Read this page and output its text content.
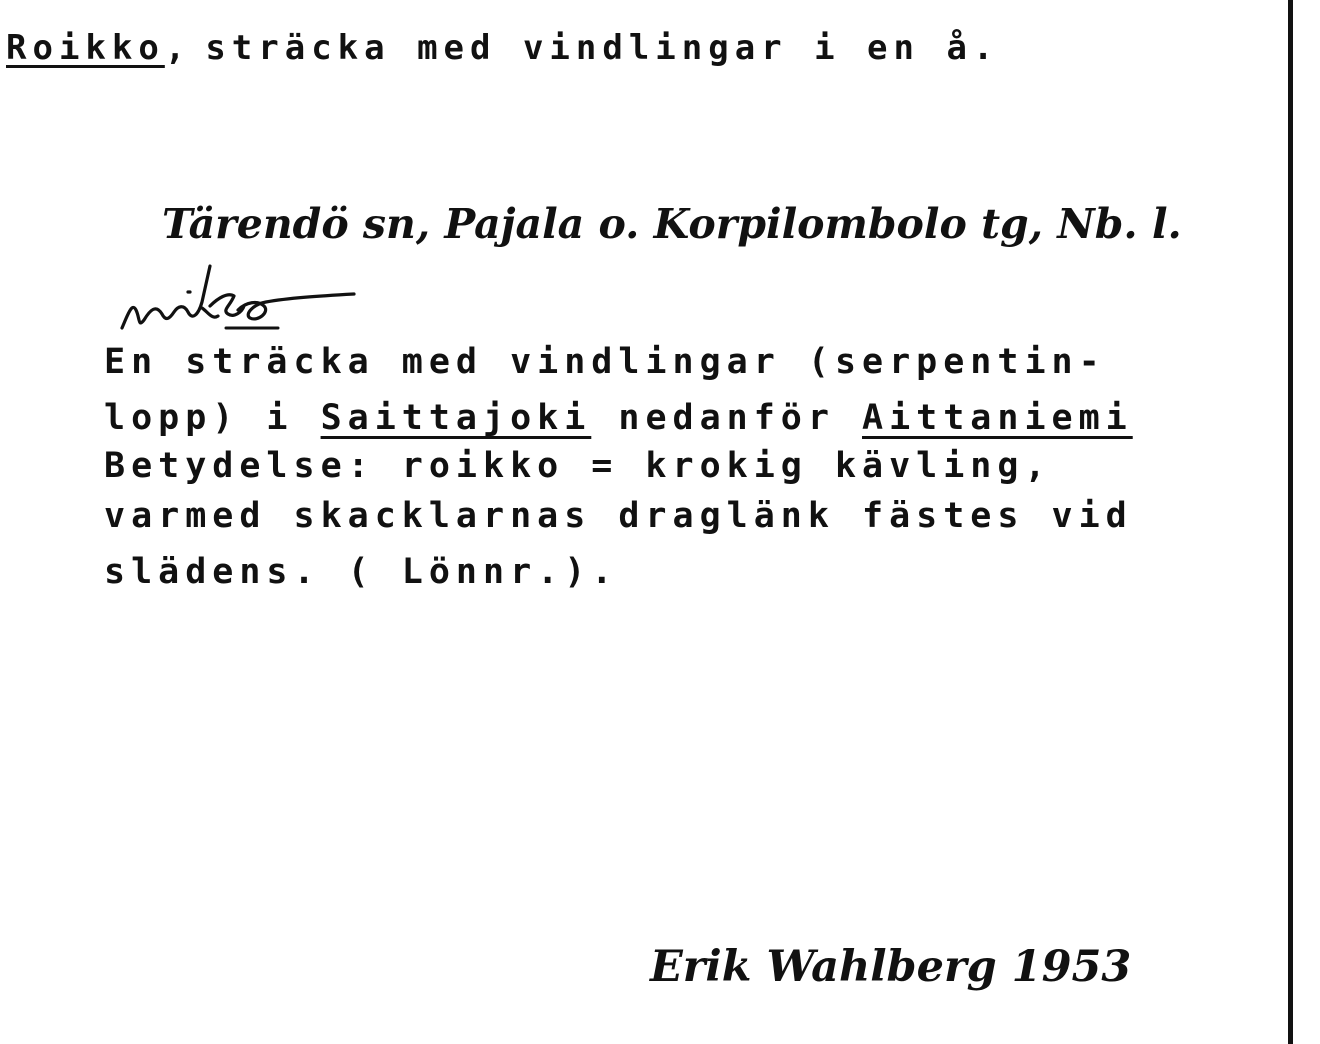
Roikko, sträcka med vindlingar i en å.
Tärendö sn, Pajala o. Korpilombolo tg, Nb. l.
En sträcka med vindlingar (serpentin-
lopp) i Saittajoki nedanför Aittaniemi
Betydelse: roikko = krokig kävling,
varmed skacklarnas draglänk fästes vid
slädens. ( Lönnr.).
Erik Wahlberg 1953
